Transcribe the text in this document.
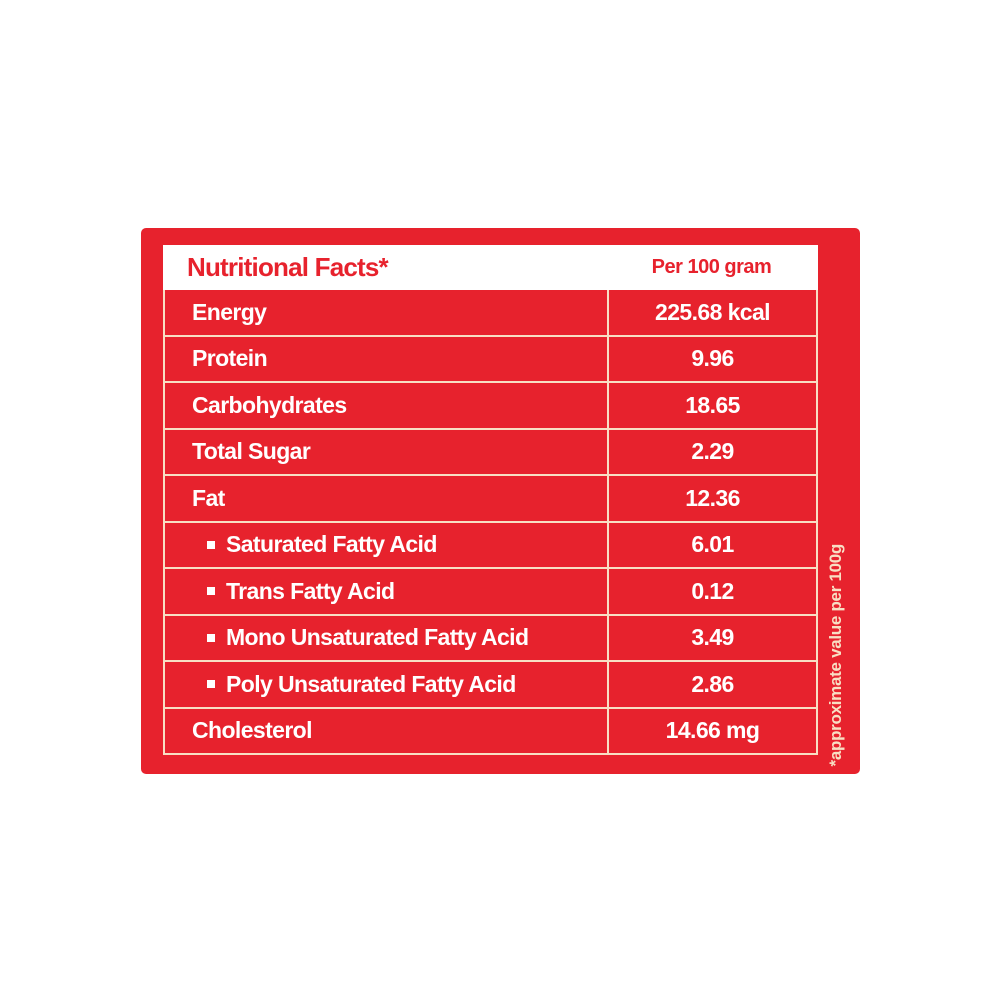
Nutritional Facts*	Per 100 gram
Energy	225.68 kcal
Protein	9.96
Carbohydrates	18.65
Total Sugar	2.29
Fat	12.36
Saturated Fatty Acid	6.01
Trans Fatty Acid	0.12
Mono Unsaturated Fatty Acid	3.49
Poly Unsaturated Fatty Acid	2.86
Cholesterol	14.66 mg	*approximate value per 100g
